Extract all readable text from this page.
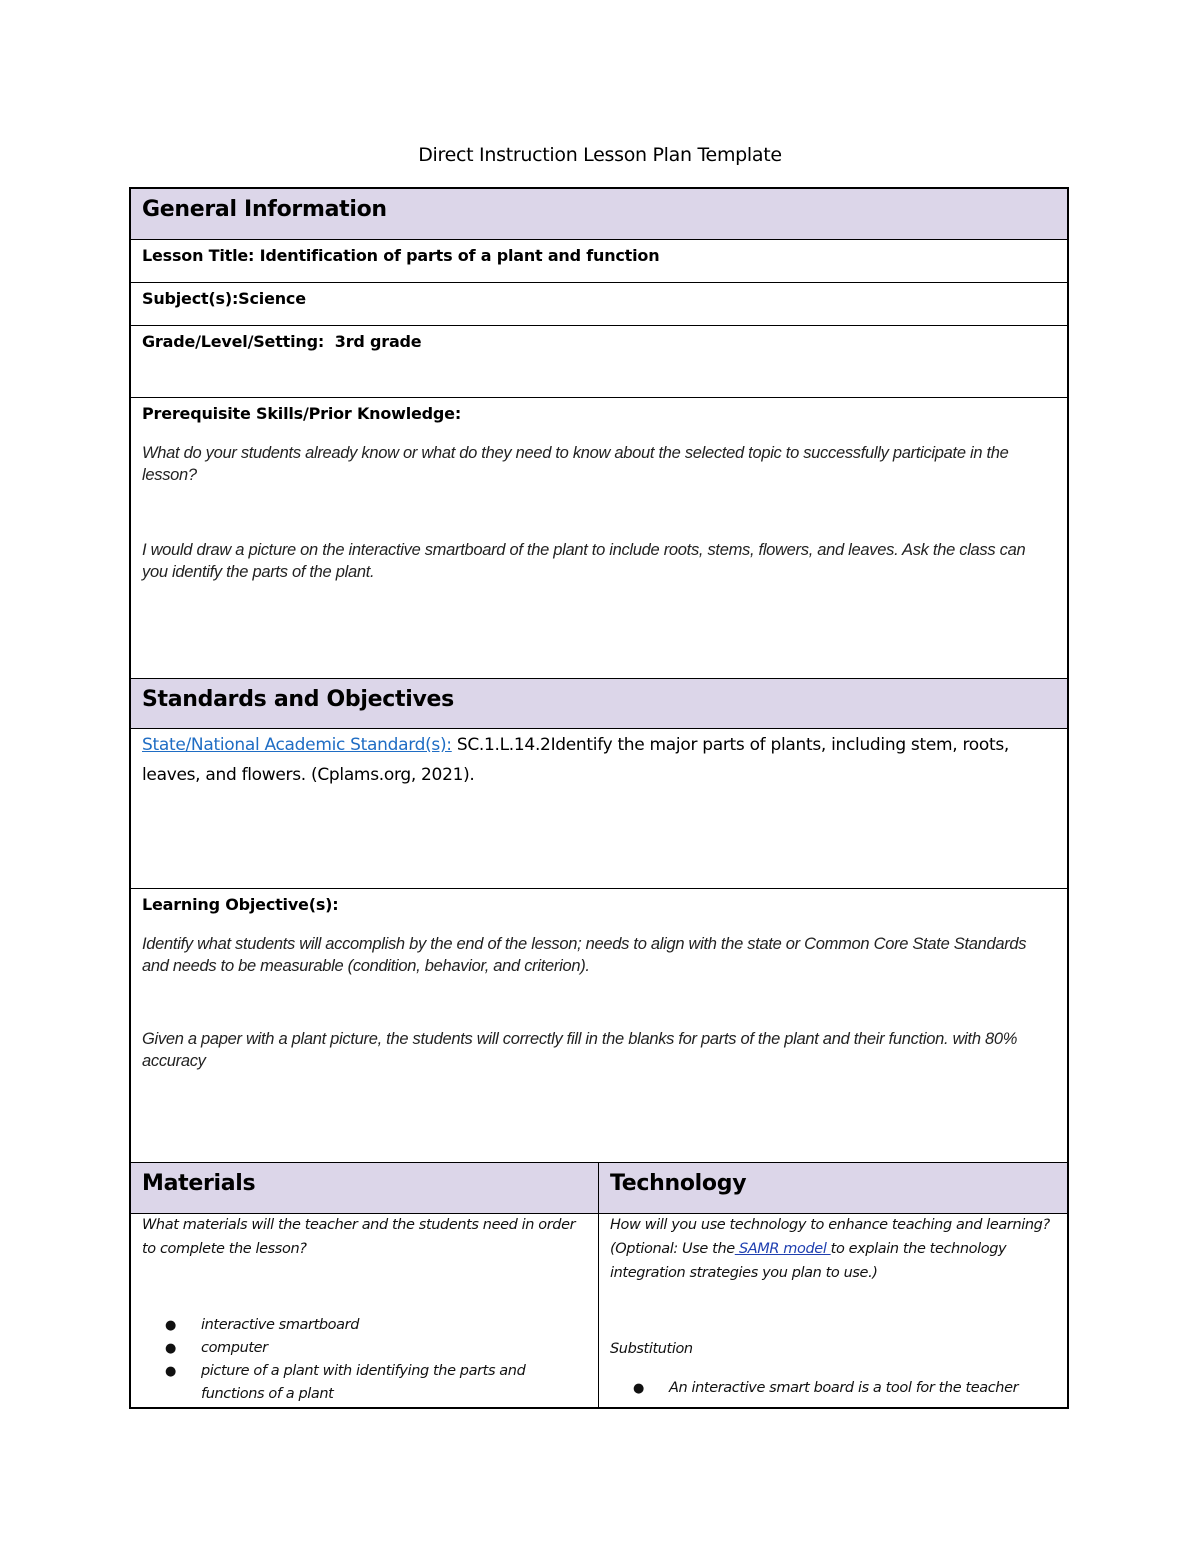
Direct Instruction Lesson Plan Template
General Information
Lesson Title: Identification of parts of a plant and function
Subject(s):Science
Grade/Level/Setting:  3rd grade
Prerequisite Skills/Prior Knowledge:
What do your students already know or what do they need to know about the selected topic to successfully participate in the lesson?
I would draw a picture on the interactive smartboard of the plant to include roots, stems, flowers, and leaves. Ask the class can you identify the parts of the plant.
Standards and Objectives
State/National Academic Standard(s): SC.1.L.14.2Identify the major parts of plants, including stem, roots, leaves, and flowers. (Cplams.org, 2021).
Learning Objective(s):
Identify what students will accomplish by the end of the lesson; needs to align with the state or Common Core State Standards and needs to be measurable (condition, behavior, and criterion).
Given a paper with a plant picture, the students will correctly fill in the blanks for parts of the plant and their function. with 80% accuracy
Materials	Technology
What materials will the teacher and the students need in order to complete the lesson?
● interactive smartboard
● computer
● picture of a plant with identifying the parts and functions of a plant
How will you use technology to enhance teaching and learning? (Optional: Use the SAMR model to explain the technology integration strategies you plan to use.)
Substitution
● An interactive smart board is a tool for the teacher
